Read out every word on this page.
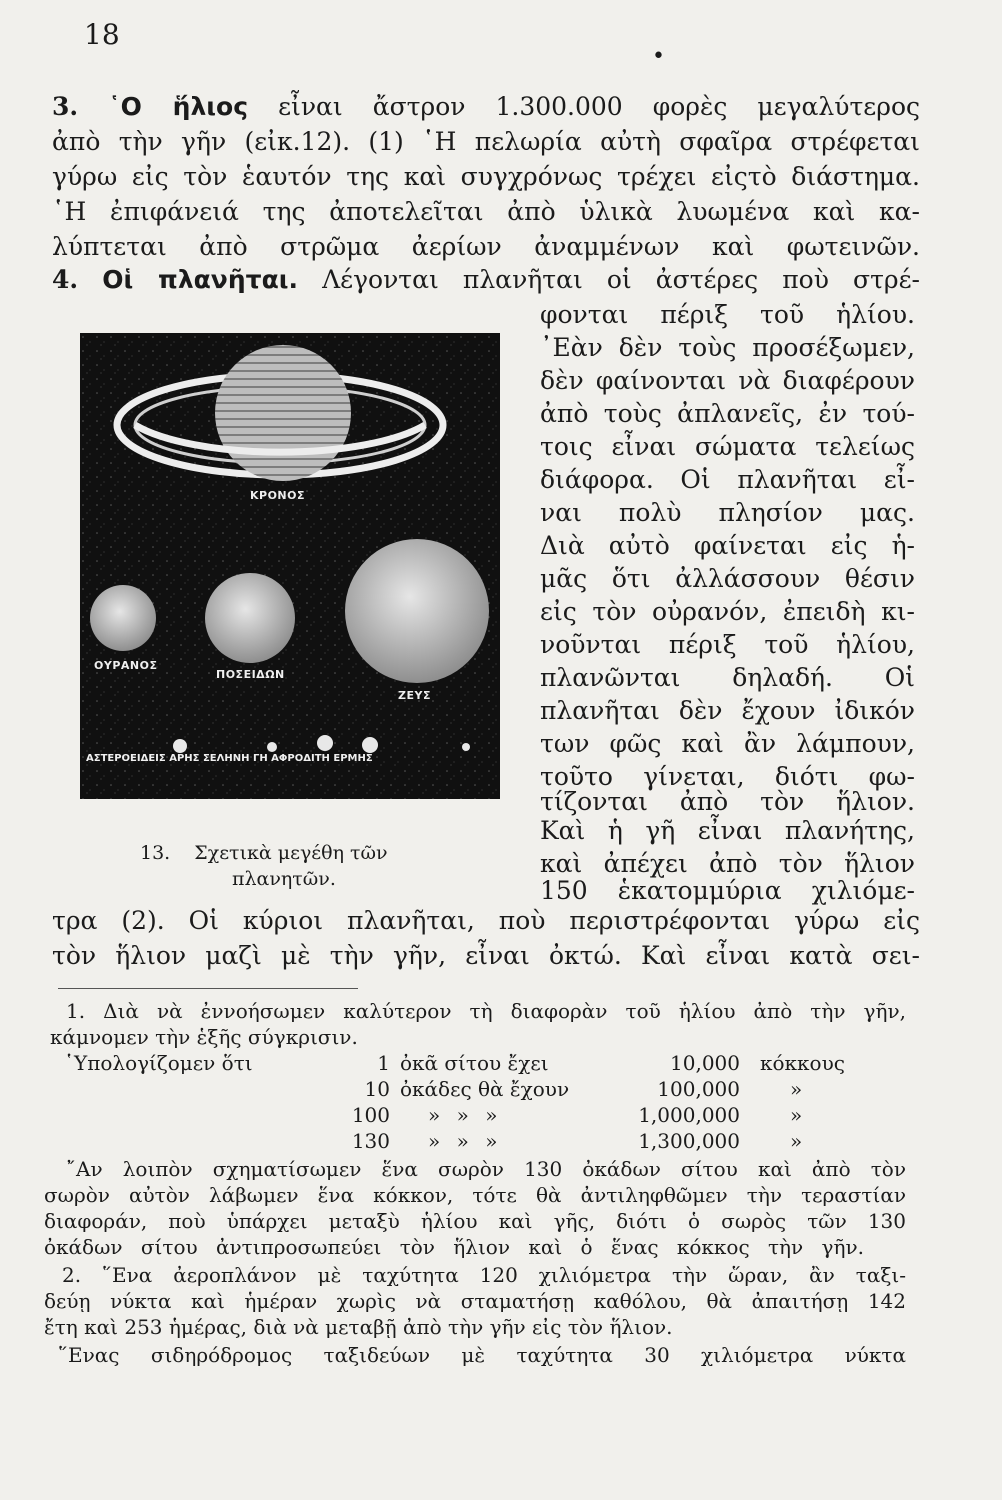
18
•
3. ῾Ο ἥλιος εἶναι ἄστρον 1.300.000 φορὲς μεγαλύτερος
ἀπὸ τὴν γῆν (εἰκ.12). (1) ῾Η πελωρία αὐτὴ σφαῖρα στρέφεται
γύρω εἰς τὸν ἑαυτόν της καὶ συγχρόνως τρέχει εἰςτὸ διάστημα.
῾Η ἐπιφάνειά της ἀποτελεῖται ἀπὸ ὑλικὰ λυωμένα καὶ κα-
λύπτεται ἀπὸ στρῶμα ἀερίων ἀναμμένων καὶ φωτεινῶν.
4. Οἱ πλανῆται. Λέγονται πλανῆται οἱ ἀστέρες ποὺ στρέ-
φονται πέριξ τοῦ ἡλίου.
᾿Εὰν δὲν τοὺς προσέξωμεν,
δὲν φαίνονται νὰ διαφέρουν
ἀπὸ τοὺς ἀπλανεῖς, ἐν τού-
τοις εἶναι σώματα τελείως
διάφορα. Οἱ πλανῆται εἶ-
ναι πολὺ πλησίον μας.
Διὰ αὐτὸ φαίνεται εἰς ἡ-
μᾶς ὅτι ἀλλάσσουν θέσιν
εἰς τὸν οὐρανόν, ἐπειδὴ κι-
νοῦνται πέριξ τοῦ ἡλίου,
πλανῶνται δηλαδή. Οἱ
πλανῆται δὲν ἔχουν ἰδικόν
των φῶς καὶ ἂν λάμπουν,
τοῦτο γίνεται, διότι φω-
τίζονται ἀπὸ τὸν ἥλιον.
Καὶ ἡ γῆ εἶναι πλανήτης,
καὶ ἀπέχει ἀπὸ τὸν ἥλιον
150 ἑκατομμύρια χιλιόμε-
ΚΡΟΝΟΣ
ΟΥΡΑΝΟΣ
ΠΟΣΕΙΔΩΝ
ΖΕΥΣ
ΑΣΤΕΡΟΕΙΔΕΙΣ ΑΡΗΣ ΣΕΛΗΝΗ ΓΗ ΑΦΡΟΔΙΤΗ ΕΡΜΗΣ
13. Σχετικὰ μεγέθη τῶν
πλανητῶν.
τρα (2). Οἱ κύριοι πλανῆται, ποὺ περιστρέφονται γύρω εἰς
τὸν ἥλιον μαζὶ μὲ τὴν γῆν, εἶναι ὀκτώ. Καὶ εἶναι κατὰ σει-
1. Διὰ νὰ ἐννοήσωμεν καλύτερον τὴ διαφορὰν τοῦ ἡλίου ἀπὸ τὴν γῆν,
κάμνομεν τὴν ἑξῆς σύγκρισιν.
῾Υπολογίζομεν ὅτι	1 ὀκᾶ σίτου ἔχει	10,000 κόκκους
10 ὀκάδες θὰ ἔχουν	100,000	»
100 » » »	1,000,000	»
130 » » »	1,300,000	»
῎Αν λοιπὸν σχηματίσωμεν ἕνα σωρὸν 130 ὀκάδων σίτου καὶ ἀπὸ τὸν
σωρὸν αὐτὸν λάβωμεν ἕνα κόκκον, τότε θὰ ἀντιληφθῶμεν τὴν τεραστίαν
διαφοράν, ποὺ ὑπάρχει μεταξὺ ἡλίου καὶ γῆς, διότι ὁ σωρὸς τῶν 130
ὀκάδων σίτου ἀντιπροσωπεύει τὸν ἥλιον καὶ ὁ ἕνας κόκκος τὴν γῆν.
2. ῞Ενα ἀεροπλάνον μὲ ταχύτητα 120 χιλιόμετρα τὴν ὥραν, ἂν ταξι-
δεύῃ νύκτα καὶ ἡμέραν χωρὶς νὰ σταματήσῃ καθόλου, θὰ ἀπαιτήσῃ 142
ἔτη καὶ 253 ἡμέρας, διὰ νὰ μεταβῇ ἀπὸ τὴν γῆν εἰς τὸν ἥλιον.
῞Ενας σιδηρόδρομος ταξιδεύων μὲ ταχύτητα 30 χιλιόμετρα νύκτα
